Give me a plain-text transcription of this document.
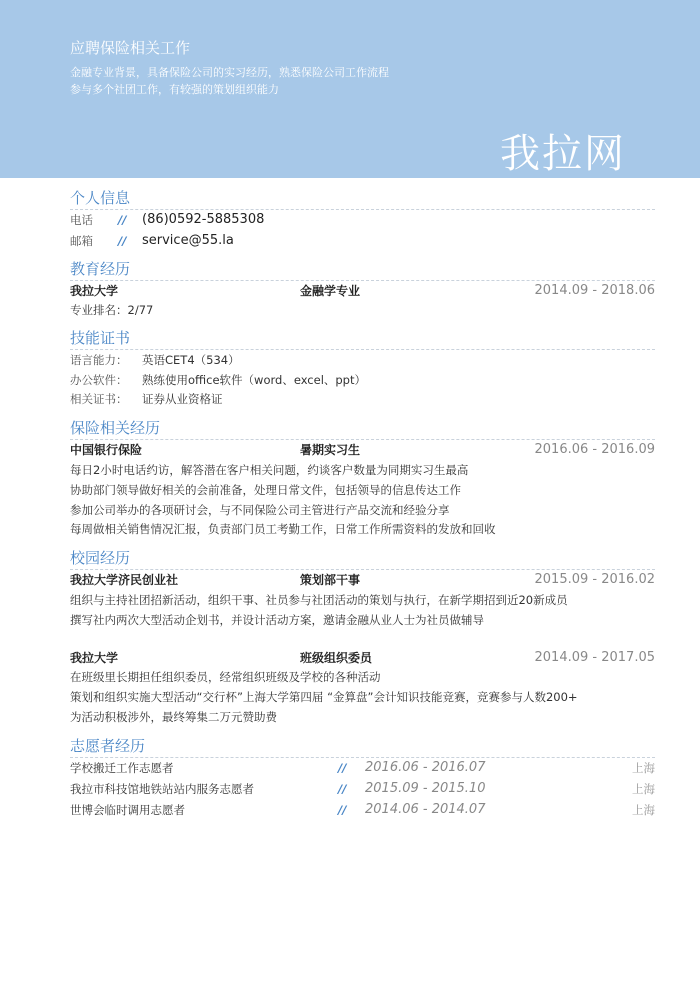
应聘保险相关工作
金融专业背景，具备保险公司的实习经历，熟悉保险公司工作流程
参与多个社团工作，有较强的策划组织能力
我拉网
个人信息
电话 // (86)0592-5885308
邮箱 // service@55.la
教育经历
我拉大学	金融学专业	2014.09 - 2018.06
专业排名：2/77
技能证书
语言能力： 英语CET4（534）
办公软件： 熟练使用office软件（word、excel、ppt）
相关证书： 证券从业资格证
保险相关经历
中国银行保险	暑期实习生	2016.06 - 2016.09
每日2小时电话约访，解答潜在客户相关问题，约谈客户数量为同期实习生最高
协助部门领导做好相关的会前准备，处理日常文件，包括领导的信息传达工作
参加公司举办的各项研讨会，与不同保险公司主管进行产品交流和经验分享
每周做相关销售情况汇报，负责部门员工考勤工作，日常工作所需资料的发放和回收
校园经历
我拉大学济民创业社	策划部干事	2015.09 - 2016.02
组织与主持社团招新活动，组织干事、社员参与社团活动的策划与执行，在新学期招到近20新成员
撰写社内两次大型活动企划书，并设计活动方案，邀请金融从业人士为社员做辅导
我拉大学	班级组织委员	2014.09 - 2017.05
在班级里长期担任组织委员，经常组织班级及学校的各种活动
策划和组织实施大型活动“交行杯”上海大学第四届 “金算盘”会计知识技能竞赛，竞赛参与人数200+
为活动积极涉外，最终筹集二万元赞助费
志愿者经历
学校搬迁工作志愿者	// 2016.06 - 2016.07	上海
我拉市科技馆地铁站站内服务志愿者	// 2015.09 - 2015.10	上海
世博会临时调用志愿者	// 2014.06 - 2014.07	上海
